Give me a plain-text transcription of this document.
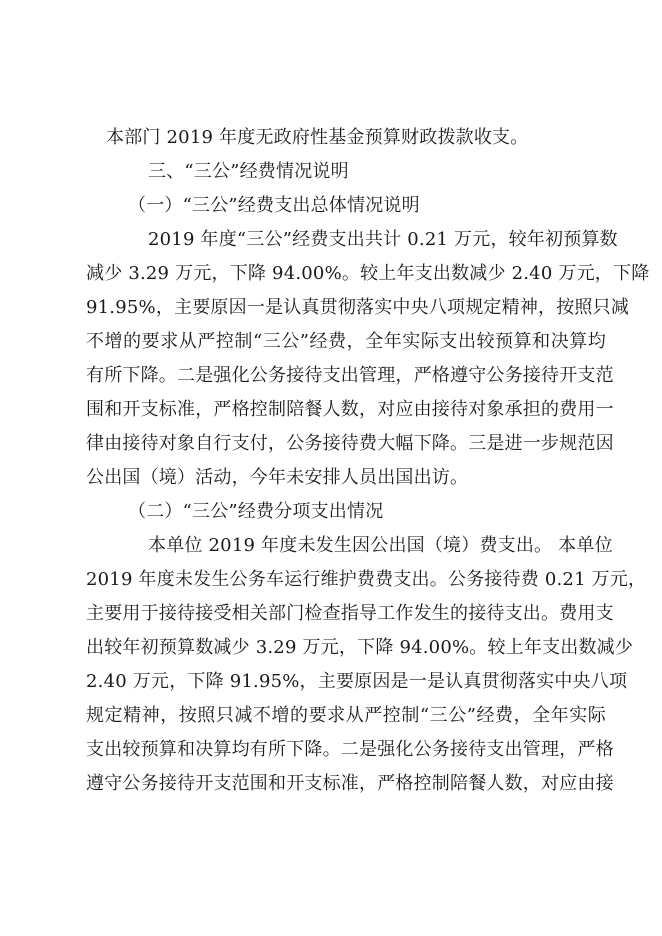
本部门 2019 年度无政府性基金预算财政拨款收支。
三、“三公”经费情况说明
（一）“三公”经费支出总体情况说明
2019 年度“三公”经费支出共计 0.21 万元，较年初预算数
减少 3.29 万元，下降 94.00%。较上年支出数减少 2.40 万元，下降
91.95%，主要原因一是认真贯彻落实中央八项规定精神，按照只减
不增的要求从严控制“三公”经费，全年实际支出较预算和决算均
有所下降。二是强化公务接待支出管理，严格遵守公务接待开支范
围和开支标准，严格控制陪餐人数，对应由接待对象承担的费用一
律由接待对象自行支付，公务接待费大幅下降。三是进一步规范因
公出国（境）活动，今年未安排人员出国出访。
（二）“三公”经费分项支出情况
本单位 2019 年度未发生因公出国（境）费支出。 本单位
2019 年度未发生公务车运行维护费费支出。公务接待费 0.21 万元，
主要用于接待接受相关部门检查指导工作发生的接待支出。费用支
出较年初预算数减少 3.29 万元，下降 94.00%。较上年支出数减少
2.40 万元，下降 91.95%，主要原因是一是认真贯彻落实中央八项
规定精神，按照只减不增的要求从严控制“三公”经费，全年实际
支出较预算和决算均有所下降。二是强化公务接待支出管理，严格
遵守公务接待开支范围和开支标准，严格控制陪餐人数，对应由接
